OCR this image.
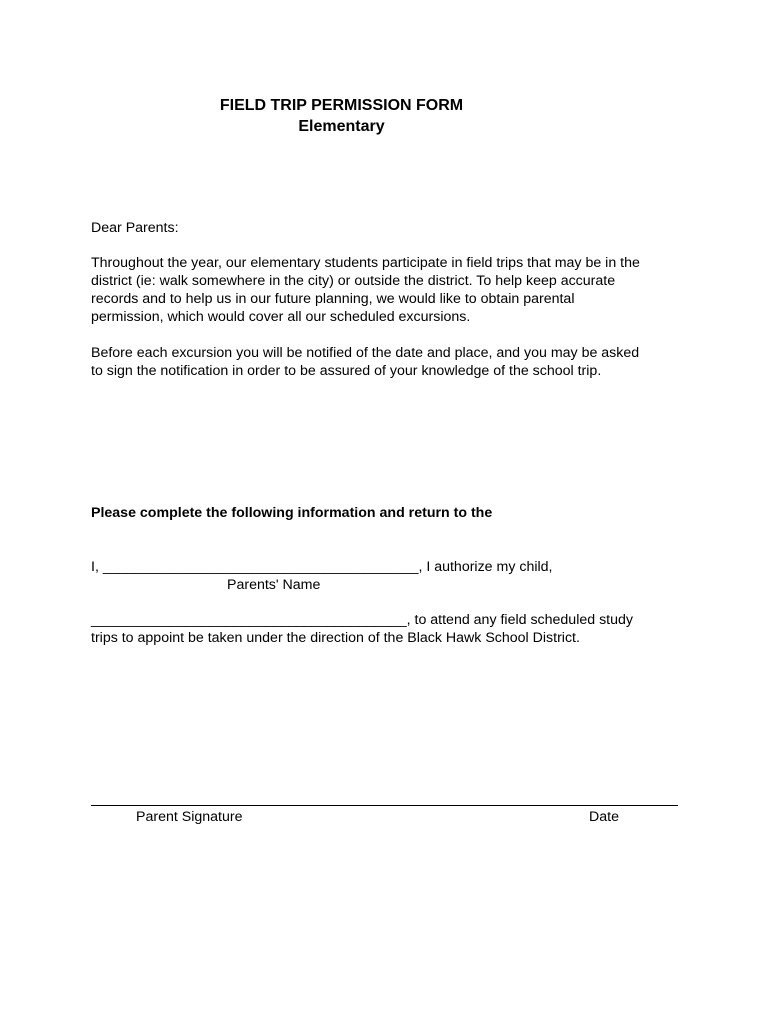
FIELD TRIP PERMISSION FORM
Elementary
Dear Parents:
Throughout the year, our elementary students participate in field trips that may be in the
district (ie: walk somewhere in the city) or outside the district. To help keep accurate
records and to help us in our future planning, we would like to obtain parental
permission, which would cover all our scheduled excursions.
Before each excursion you will be notified of the date and place, and you may be asked
to sign the notification in order to be assured of your knowledge of the school trip.
Please complete the following information and return to the
I, ________________________________________, I authorize my child,
Parents' Name
________________________________________, to attend any field scheduled study
trips to appoint be taken under the direction of the Black Hawk School District.
Parent Signature	Date
